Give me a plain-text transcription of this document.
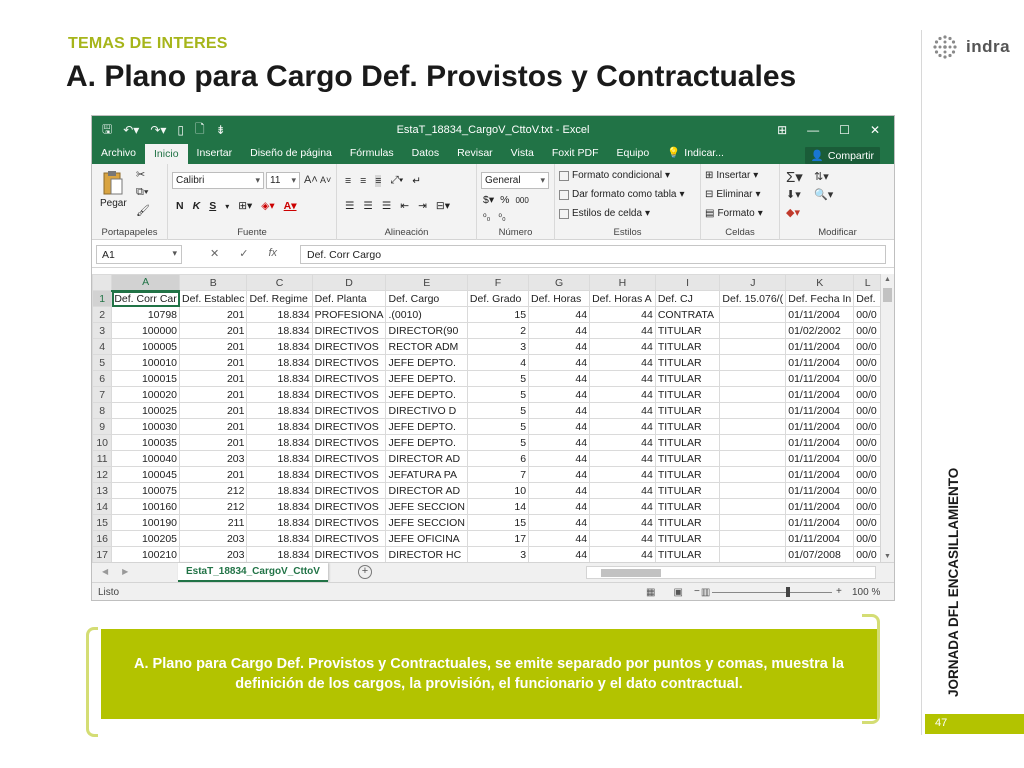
TEMAS DE INTERES
A. Plano para Cargo Def. Provistos y Contractuales
indra
JORNADA DFL ENCASILLAMIENTO
47
🖫 ↶▾ ↷▾ ▯ 🗋 ⇟	EstaT_18834_CargoV_CttoV.txt - Excel	⊞ — ☐ ✕
Archivo	Inicio	Insertar	Diseño de página	Fórmulas	Datos	Revisar	Vista	Foxit PDF	Equipo	💡 Indicar...	👤 Compartir
Pegar
✂
⧉▾
🖌
Portapapeles
Calibri ▾	11 ▾	A˄ A˅
N K S ▾ ⊞▾ ◈▾ A▾
Fuente
≡ ≡ ≡ ⤢▾ ↵
☰ ☰ ☰ ⇤ ⇥ ⊟▾
Alineación
General ▾
$▾ % 000
⁰₀ ⁰₀
Número
Formato condicional ▾
Dar formato como tabla ▾
Estilos de celda ▾
Estilos
⊞ Insertar ▾
⊟ Eliminar ▾
▤ Formato ▾
Celdas
Σ▾ ⇅▾
⬇▾ 🔍▾
◆▾
Modificar
A1 ▾	✕ ✓ fx	Def. Corr Cargo
	A	B	C	D	E	F	G	H	I	J	K	L
1	Def. Corr Car	Def. Establec	Def. Regime	Def. Planta	Def. Cargo	Def. Grado	Def. Horas	Def. Horas A	Def. CJ	Def. 15.076/(	Def. Fecha In	Def.
2	10798	201	18.834	PROFESIONA	.(0010)	15	44	44	CONTRATA		01/11/2004	00/0
3	100000	201	18.834	DIRECTIVOS	DIRECTOR(90	2	44	44	TITULAR		01/02/2002	00/0
4	100005	201	18.834	DIRECTIVOS	RECTOR ADM	3	44	44	TITULAR		01/11/2004	00/0
5	100010	201	18.834	DIRECTIVOS	JEFE DEPTO.	4	44	44	TITULAR		01/11/2004	00/0
6	100015	201	18.834	DIRECTIVOS	JEFE DEPTO.	5	44	44	TITULAR		01/11/2004	00/0
7	100020	201	18.834	DIRECTIVOS	JEFE DEPTO.	5	44	44	TITULAR		01/11/2004	00/0
8	100025	201	18.834	DIRECTIVOS	DIRECTIVO D	5	44	44	TITULAR		01/11/2004	00/0
9	100030	201	18.834	DIRECTIVOS	JEFE DEPTO.	5	44	44	TITULAR		01/11/2004	00/0
10	100035	201	18.834	DIRECTIVOS	JEFE DEPTO.	5	44	44	TITULAR		01/11/2004	00/0
11	100040	203	18.834	DIRECTIVOS	DIRECTOR AD	6	44	44	TITULAR		01/11/2004	00/0
12	100045	201	18.834	DIRECTIVOS	JEFATURA PA	7	44	44	TITULAR		01/11/2004	00/0
13	100075	212	18.834	DIRECTIVOS	DIRECTOR AD	10	44	44	TITULAR		01/11/2004	00/0
14	100160	212	18.834	DIRECTIVOS	JEFE SECCION	14	44	44	TITULAR		01/11/2004	00/0
15	100190	211	18.834	DIRECTIVOS	JEFE SECCION	15	44	44	TITULAR		01/11/2004	00/0
16	100205	203	18.834	DIRECTIVOS	JEFE OFICINA	17	44	44	TITULAR		01/11/2004	00/0
17	100210	203	18.834	DIRECTIVOS	DIRECTOR HC	3	44	44	TITULAR		01/07/2008	00/0
▲
▼
◀ ▶	EstaT_18834_CargoV_CttoV	+
Listo	▦ ▣ ▥
−	+ 100 %
A. Plano para Cargo Def. Provistos y Contractuales, se emite separado por puntos y comas, muestra la definición de los cargos, la provisión, el funcionario y el dato contractual.
